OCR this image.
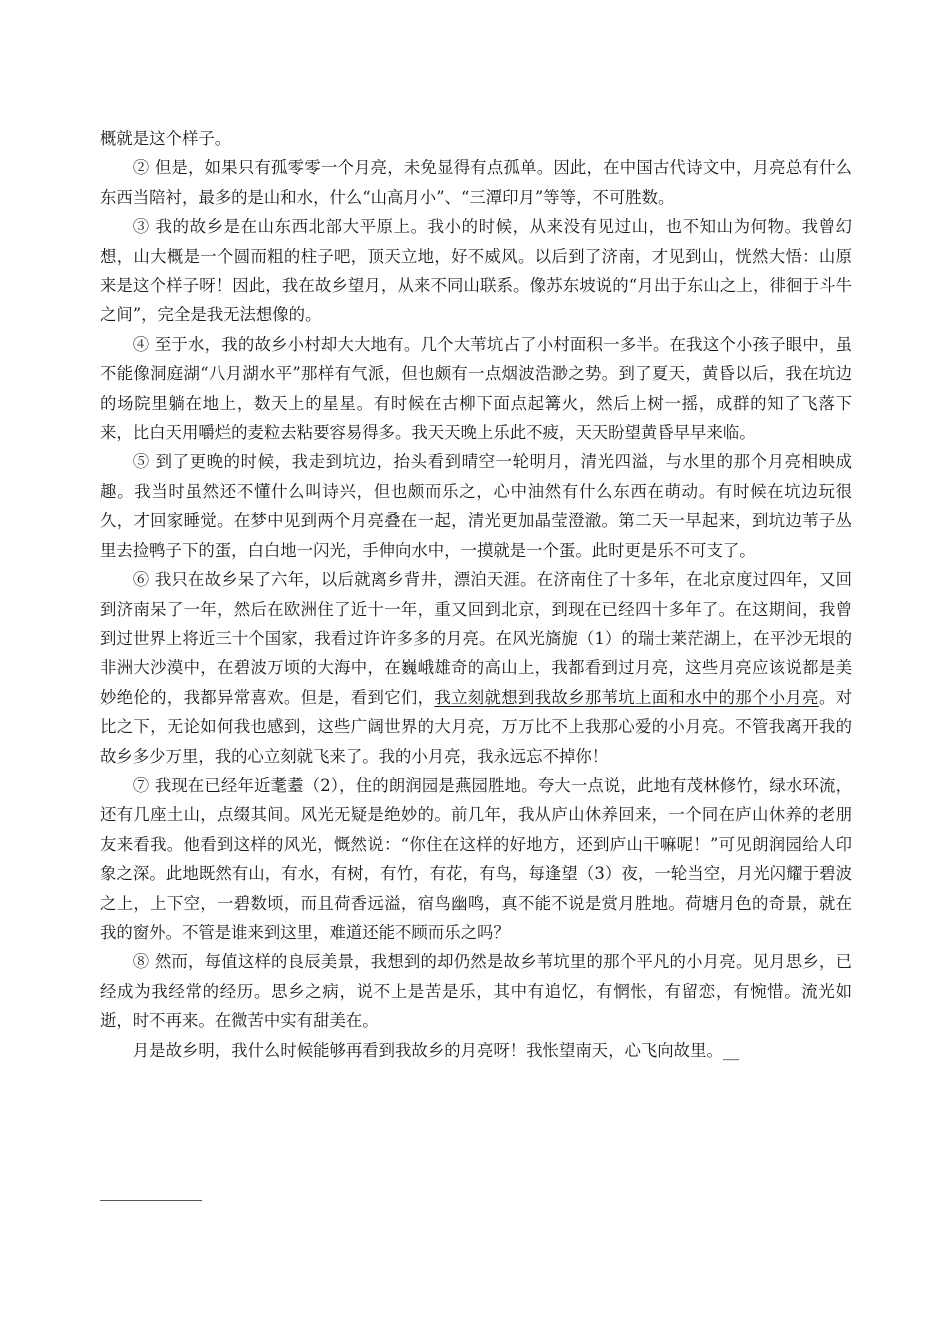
概就是这个样子。

② 但是，如果只有孤零零一个月亮，未免显得有点孤单。因此，在中国古代诗文中，月亮总有什么东西当陪衬，最多的是山和水，什么“山高月小”、“三潭印月”等等，不可胜数。

③ 我的故乡是在山东西北部大平原上。我小的时候，从来没有见过山，也不知山为何物。我曾幻想，山大概是一个圆而粗的柱子吧，顶天立地，好不威风。以后到了济南，才见到山，恍然大悟：山原来是这个样子呀！因此，我在故乡望月，从来不同山联系。像苏东坡说的“月出于东山之上，徘徊于斗牛之间”，完全是我无法想像的。

④ 至于水，我的故乡小村却大大地有。几个大苇坑占了小村面积一多半。在我这个小孩子眼中，虽不能像洞庭湖“八月湖水平”那样有气派，但也颇有一点烟波浩渺之势。到了夏天，黄昏以后，我在坑边的场院里躺在地上，数天上的星星。有时候在古柳下面点起篝火，然后上树一摇，成群的知了飞落下来，比白天用嚼烂的麦粒去粘要容易得多。我天天晚上乐此不疲，天天盼望黄昏早早来临。

⑤ 到了更晚的时候，我走到坑边，抬头看到晴空一轮明月，清光四溢，与水里的那个月亮相映成趣。我当时虽然还不懂什么叫诗兴，但也颇而乐之，心中油然有什么东西在萌动。有时候在坑边玩很久，才回家睡觉。在梦中见到两个月亮叠在一起，清光更加晶莹澄澈。第二天一早起来，到坑边苇子丛里去捡鸭子下的蛋，白白地一闪光，手伸向水中，一摸就是一个蛋。此时更是乐不可支了。

⑥ 我只在故乡呆了六年，以后就离乡背井，漂泊天涯。在济南住了十多年，在北京度过四年，又回到济南呆了一年，然后在欧洲住了近十一年，重又回到北京，到现在已经四十多年了。在这期间，我曾到过世界上将近三十个国家，我看过许许多多的月亮。在风光旖旎（1）的瑞士莱茫湖上，在平沙无垠的非洲大沙漠中，在碧波万顷的大海中，在巍峨雄奇的高山上，我都看到过月亮，这些月亮应该说都是美妙绝伦的，我都异常喜欢。但是，看到它们，我立刻就想到我故乡那苇坑上面和水中的那个小月亮。对比之下，无论如何我也感到，这些广阔世界的大月亮，万万比不上我那心爱的小月亮。不管我离开我的故乡多少万里，我的心立刻就飞来了。我的小月亮，我永远忘不掉你！

⑦ 我现在已经年近耄耋（2），住的朗润园是燕园胜地。夸大一点说，此地有茂林修竹，绿水环流，还有几座土山，点缀其间。风光无疑是绝妙的。前几年，我从庐山休养回来，一个同在庐山休养的老朋友来看我。他看到这样的风光，慨然说：“你住在这样的好地方，还到庐山干嘛呢！”可见朗润园给人印象之深。此地既然有山，有水，有树，有竹，有花，有鸟，每逢望（3）夜，一轮当空，月光闪耀于碧波之上，上下空，一碧数顷，而且荷香远溢，宿鸟幽鸣，真不能不说是赏月胜地。荷塘月色的奇景，就在我的窗外。不管是谁来到这里，难道还能不顾而乐之吗？

⑧ 然而，每值这样的良辰美景，我想到的却仍然是故乡苇坑里的那个平凡的小月亮。见月思乡，已经成为我经常的经历。思乡之病，说不上是苦是乐，其中有追忆，有惘怅，有留恋，有惋惜。流光如逝，时不再来。在微苦中实有甜美在。

月是故乡明，我什么时候能够再看到我故乡的月亮呀！我怅望南天，心飞向故里。__
